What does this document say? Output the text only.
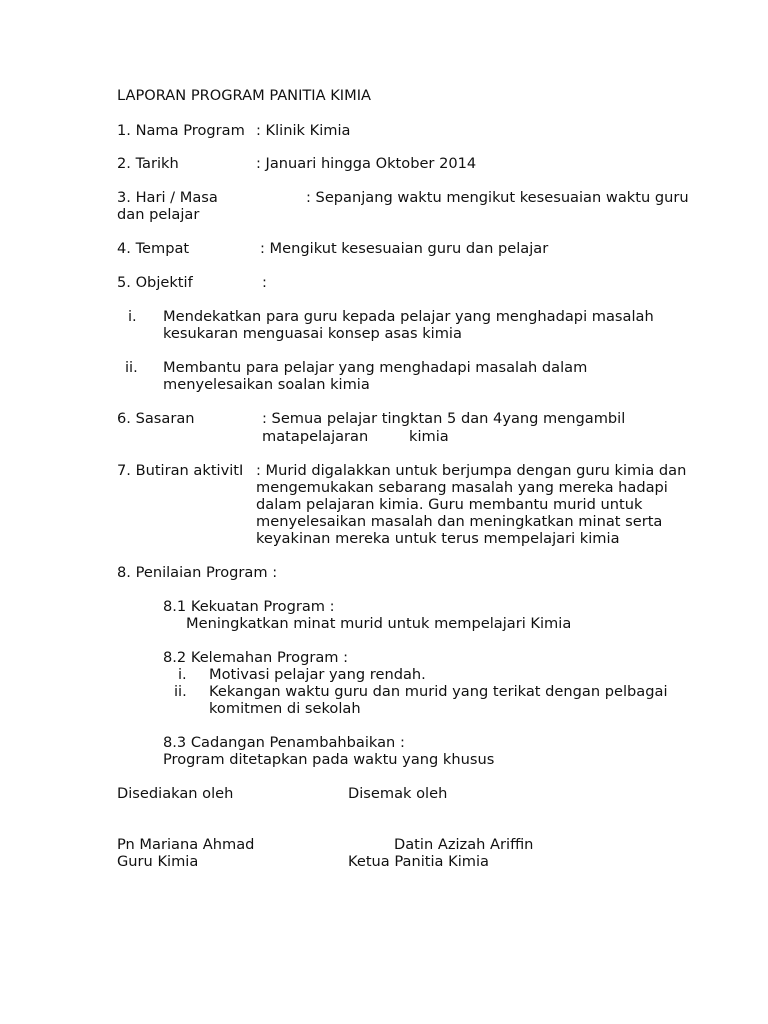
LAPORAN PROGRAM PANITIA KIMIA
1. Nama Program : Klinik Kimia
2. Tarikh	: Januari hingga Oktober 2014
3. Hari / Masa	: Sepanjang waktu mengikut kesesuaian waktu guru
dan pelajar
4. Tempat	: Mengikut kesesuaian guru dan pelajar
5. Objektif	:
i. Mendekatkan para guru kepada pelajar yang menghadapi masalah
kesukaran menguasai konsep asas kimia
ii. Membantu para pelajar yang menghadapi masalah dalam
menyelesaikan soalan kimia
6. Sasaran	: Semua pelajar tingktan 5 dan 4yang mengambil
matapelajaran	kimia
7. Butiran aktivitI : Murid digalakkan untuk berjumpa dengan guru kimia dan
mengemukakan sebarang masalah yang mereka hadapi
dalam pelajaran kimia. Guru membantu murid untuk
menyelesaikan masalah dan meningkatkan minat serta
keyakinan mereka untuk terus mempelajari kimia
8. Penilaian Program :
8.1 Kekuatan Program :
Meningkatkan minat murid untuk mempelajari Kimia
8.2 Kelemahan Program :
i. Motivasi pelajar yang rendah.
ii. Kekangan waktu guru dan murid yang terikat dengan pelbagai
komitmen di sekolah
8.3 Cadangan Penambahbaikan :
Program ditetapkan pada waktu yang khusus
Disediakan oleh	Disemak oleh
Pn Mariana Ahmad	Datin Azizah Ariffin
Guru Kimia	Ketua Panitia Kimia
